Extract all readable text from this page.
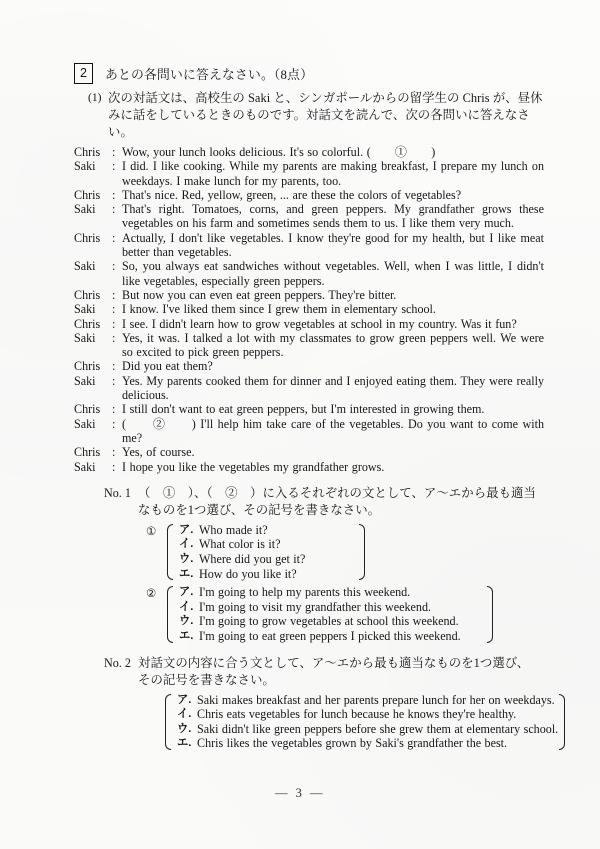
2	あとの各問いに答えなさい。（8点）
(1) 次の対話文は、高校生の Saki と、シンガポールからの留学生の Chris が、昼休みに話をしているときのものです。対話文を読んで、次の各問いに答えなさい。
Chris : Wow, your lunch looks delicious. It's so colorful. (　　①　　)
Saki	: I did. I like cooking. While my parents are making breakfast, I prepare my lunch on weekdays. I make lunch for my parents, too.
Chris : That's nice. Red, yellow, green, ... are these the colors of vegetables?
Saki	: That's right. Tomatoes, corns, and green peppers. My grandfather grows these vegetables on his farm and sometimes sends them to us. I like them very much.
Chris : Actually, I don't like vegetables. I know they're good for my health, but I like meat better than vegetables.
Saki	: So, you always eat sandwiches without vegetables. Well, when I was little, I didn't like vegetables, especially green peppers.
Chris : But now you can even eat green peppers. They're bitter.
Saki	: I know. I've liked them since I grew them in elementary school.
Chris : I see. I didn't learn how to grow vegetables at school in my country. Was it fun?
Saki	: Yes, it was. I talked a lot with my classmates to grow green peppers well. We were so excited to pick green peppers.
Chris : Did you eat them?
Saki	: Yes. My parents cooked them for dinner and I enjoyed eating them. They were really delicious.
Chris : I still don't want to eat green peppers, but I'm interested in growing them.
Saki	: (　　②　　) I'll help him take care of the vegetables. Do you want to come with me?
Chris : Yes, of course.
Saki	: I hope you like the vegetables my grandfather grows.
No. 1 （　①　）、（　②　）に入るそれぞれの文として、ア～エから最も適当なものを1つ選び、その記号を書きなさい。
①	ア. Who made it?
イ. What color is it?
ウ. Where did you get it?
エ. How do you like it?
②	ア. I'm going to help my parents this weekend.
イ. I'm going to visit my grandfather this weekend.
ウ. I'm going to grow vegetables at school this weekend.
エ. I'm going to eat green peppers I picked this weekend.
No. 2 対話文の内容に合う文として、ア～エから最も適当なものを1つ選び、その記号を書きなさい。
ア. Saki makes breakfast and her parents prepare lunch for her on weekdays.
イ. Chris eats vegetables for lunch because he knows they're healthy.
ウ. Saki didn't like green peppers before she grew them at elementary school.
エ. Chris likes the vegetables grown by Saki's grandfather the best.
— 3 —
